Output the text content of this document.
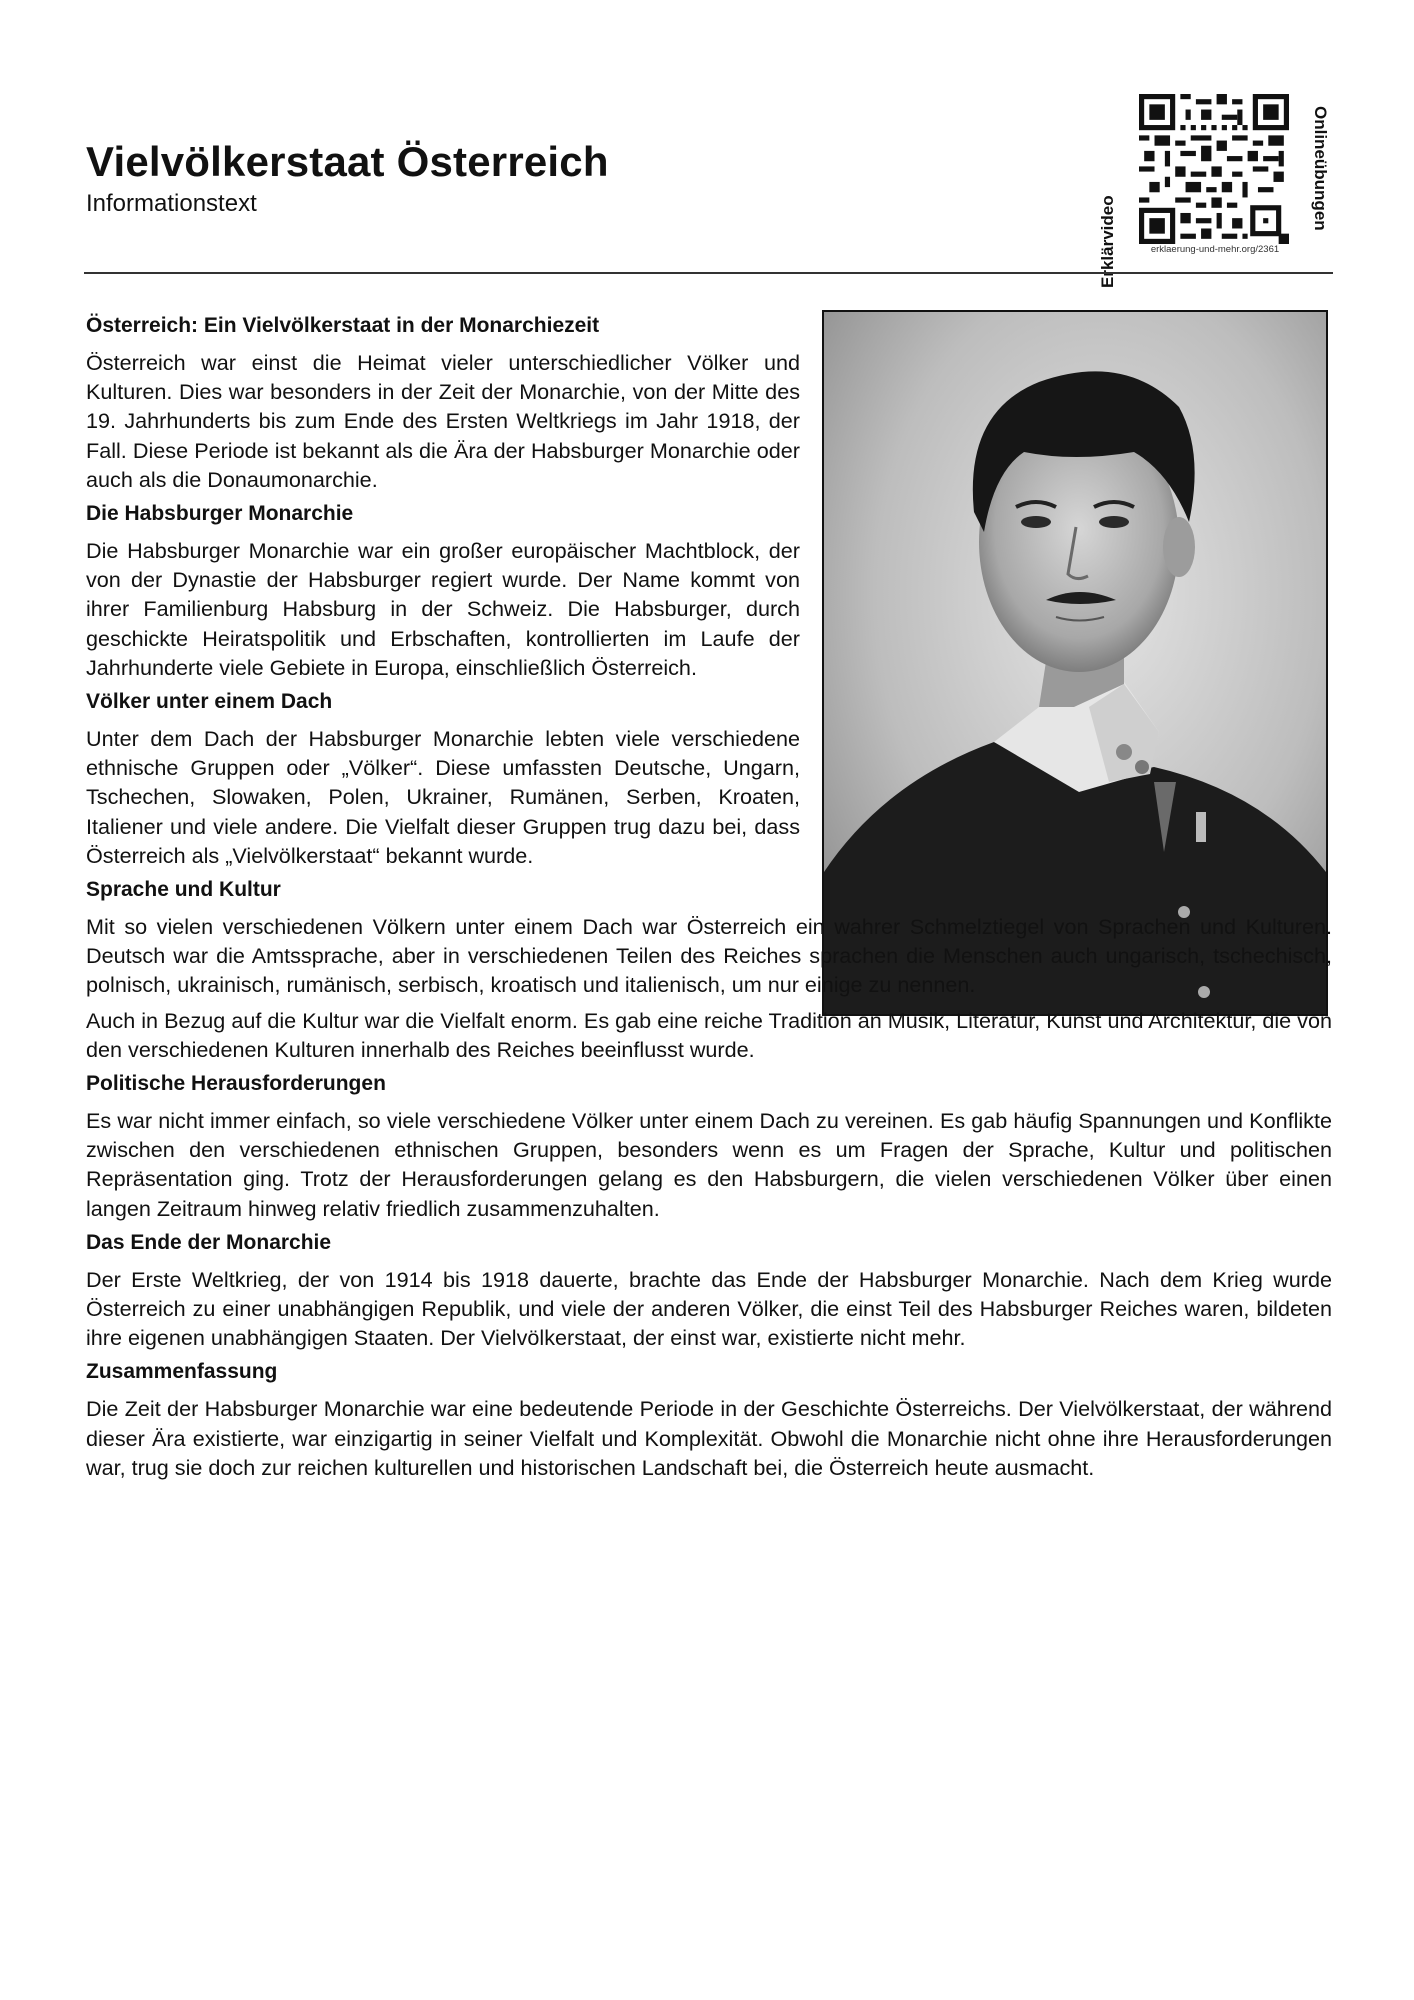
Vielvölkerstaat Österreich
Informationstext	Erklärvideo	erklaerung-und-mehr.org/2361
Onlineübungen
Österreich: Ein Vielvölkerstaat in der Monarchiezeit

Österreich war einst die Heimat vieler unterschiedlicher Völker und Kulturen. Dies war besonders in der Zeit der Monarchie, von der Mitte des 19. Jahrhunderts bis zum Ende des Ersten Weltkriegs im Jahr 1918, der Fall. Diese Periode ist bekannt als die Ära der Habsburger Monarchie oder auch als die Donaumonarchie.

Die Habsburger Monarchie

Die Habsburger Monarchie war ein großer europäischer Machtblock, der von der Dynastie der Habsburger regiert wurde. Der Name kommt von ihrer Familienburg Habsburg in der Schweiz. Die Habsburger, durch geschickte Heiratspolitik und Erbschaften, kontrollierten im Laufe der Jahrhunderte viele Gebiete in Europa, einschließlich Österreich.

Völker unter einem Dach

Unter dem Dach der Habsburger Monarchie lebten viele verschiedene ethnische Gruppen oder „Völker“. Diese umfassten Deutsche, Ungarn, Tschechen, Slowaken, Polen, Ukrainer, Rumänen, Serben, Kroaten, Italiener und viele andere. Die Vielfalt dieser Gruppen trug dazu bei, dass Österreich als „Vielvölkerstaat“ bekannt wurde.

Sprache und Kultur

Mit so vielen verschiedenen Völkern unter einem Dach war Österreich ein wahrer Schmelztiegel von Sprachen und Kulturen. Deutsch war die Amtssprache, aber in verschiedenen Teilen des Reiches sprachen die Menschen auch ungarisch, tschechisch, polnisch, ukrainisch, rumänisch, serbisch, kroatisch und italienisch, um nur einige zu nennen.

Auch in Bezug auf die Kultur war die Vielfalt enorm. Es gab eine reiche Tradition an Musik, Literatur, Kunst und Architektur, die von den verschiedenen Kulturen innerhalb des Reiches beeinflusst wurde.

Politische Herausforderungen

Es war nicht immer einfach, so viele verschiedene Völker unter einem Dach zu vereinen. Es gab häufig Spannungen und Konflikte zwischen den verschiedenen ethnischen Gruppen, besonders wenn es um Fragen der Sprache, Kultur und politischen Repräsentation ging. Trotz der Herausforderungen gelang es den Habsburgern, die vielen verschiedenen Völker über einen langen Zeitraum hinweg relativ friedlich zusammenzuhalten.

Das Ende der Monarchie

Der Erste Weltkrieg, der von 1914 bis 1918 dauerte, brachte das Ende der Habsburger Monarchie. Nach dem Krieg wurde Österreich zu einer unabhängigen Republik, und viele der anderen Völker, die einst Teil des Habsburger Reiches waren, bildeten ihre eigenen unabhängigen Staaten. Der Vielvölkerstaat, der einst war, existierte nicht mehr.

Zusammenfassung

Die Zeit der Habsburger Monarchie war eine bedeutende Periode in der Geschichte Österreichs. Der Vielvölkerstaat, der während dieser Ära existierte, war einzigartig in seiner Vielfalt und Komplexität. Obwohl die Monarchie nicht ohne ihre Herausforderungen war, trug sie doch zur reichen kulturellen und historischen Landschaft bei, die Österreich heute ausmacht.
